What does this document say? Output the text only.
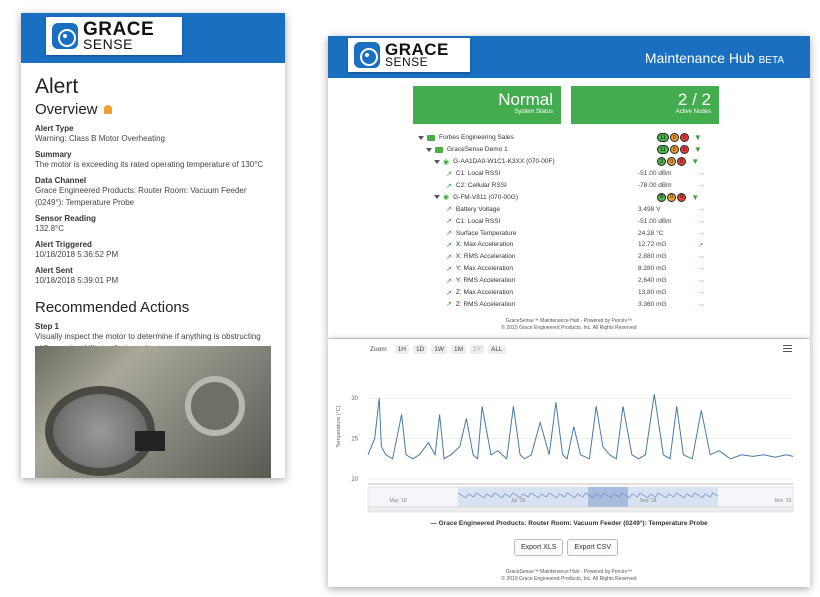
GRACE
SENSE
Alert
Overview
Alert Type
Warning: Class B Motor Overheating
Summary
The motor is exceeding its rated operating temperature of 130°C
Data Channel
Grace Engineered Products: Router Room: Vacuum Feeder (0249°): Temperature Probe
Sensor Reading
132.8°C
Alert Triggered
10/18/2018 5:36:52 PM
Alert Sent
10/18/2018 5:39:01 PM
Recommended Actions
Step 1
Visually inspect the motor to determine if anything is obstructing
GRACE
SENSE	Maintenance Hub BETA
Normal
System Status
2 / 2
Active Nodes
Forbes Engineering Sales	11	0	0	▼
GraceSense Demo 1	11	0	0	▼
◉ G-AA1DA0-W1C1-K3XX (070-00F)	2	0	0	▼
↗ C1: Local RSSI	-51.00 dBm	→
↗ C2: Cellular RSSI	-78.00 dBm	→
◉ G-FM-V811 (070-00G)	8	0	0	▼
↗ Battery Voltage	3.498 V	→
↗ C1: Local RSSI	-51.00 dBm	→
↗ Surface Temperature	24.28 °C	→
↗ X: Max Acceleration	12.72 mG	↗
↗ X: RMS Acceleration	2.880 mG	→
↗ Y: Max Acceleration	8.280 mG	→
↗ Y: RMS Acceleration	2.640 mG	→
↗ Z: Max Acceleration	13.80 mG	→
↗ Z: RMS Acceleration	3.360 mG	→
GraceSense™ Maintenance Hub - Powered by Percëv™
© 2019 Grace Engineered Products, Inc. All Rights Reserved
Zoom	1H	1D	1W	1M	1Y	ALL
20
25
30
Temperature (°C)
May '18	Jul '18	Sep '18	Nov '18
— Grace Engineered Products: Router Room: Vacuum Feeder (0249°): Temperature Probe
Export XLS	Export CSV
GraceSense™ Maintenance Hub - Powered by Percëv™
© 2019 Grace Engineered Products, Inc. All Rights Reserved
